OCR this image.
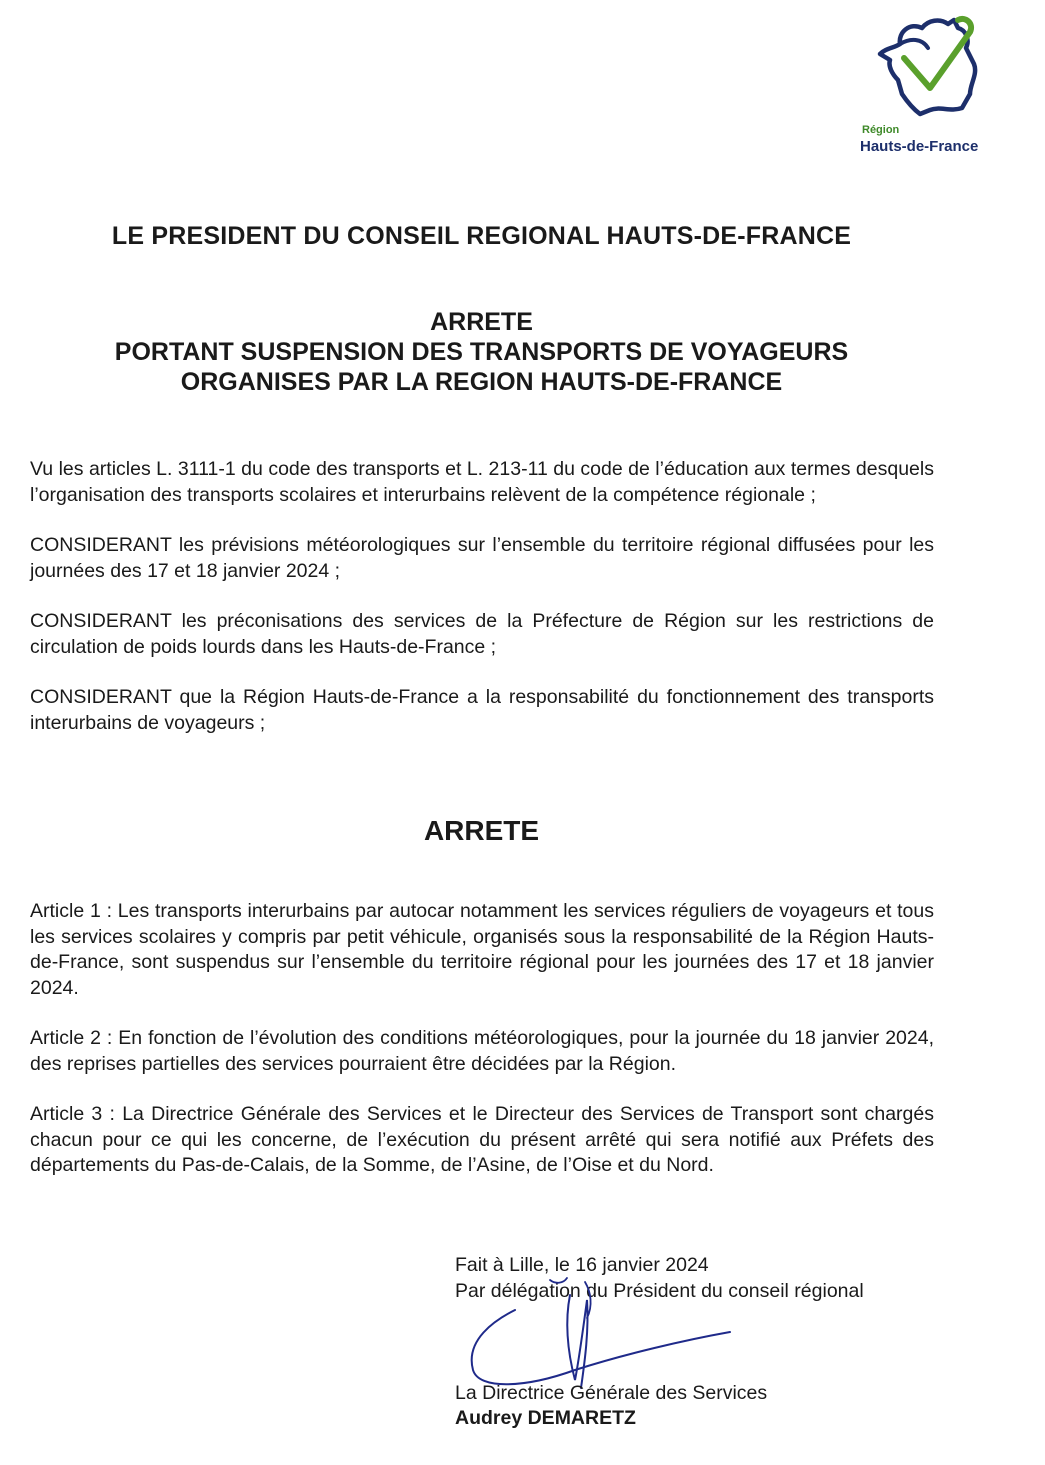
Région
Hauts-de-France
LE PRESIDENT DU CONSEIL REGIONAL HAUTS-DE-FRANCE
ARRETE
PORTANT SUSPENSION DES TRANSPORTS DE VOYAGEURS
ORGANISES PAR LA REGION HAUTS-DE-FRANCE

Vu les articles L. 3111-1 du code des transports et L. 213-11 du code de l’éducation aux termes desquels l’organisation des transports scolaires et interurbains relèvent de la compétence régionale ;

CONSIDERANT les prévisions météorologiques sur l’ensemble du territoire régional diffusées pour les journées des 17 et 18 janvier 2024 ;

CONSIDERANT les préconisations des services de la Préfecture de Région sur les restrictions de circulation de poids lourds dans les Hauts-de-France ;

CONSIDERANT que la Région Hauts-de-France a la responsabilité du fonctionnement des transports interurbains de voyageurs ;

ARRETE

Article 1 : Les transports interurbains par autocar notamment les services réguliers de voyageurs et tous les services scolaires y compris par petit véhicule, organisés sous la responsabilité de la Région Hauts-de-France, sont suspendus sur l’ensemble du territoire régional pour les journées des 17 et 18 janvier 2024.

Article 2 : En fonction de l’évolution des conditions météorologiques, pour la journée du 18 janvier 2024, des reprises partielles des services pourraient être décidées par la Région.

Article 3 : La Directrice Générale des Services et le Directeur des Services de Transport sont chargés chacun pour ce qui les concerne, de l’exécution du présent arrêté qui sera notifié aux Préfets des départements du Pas-de-Calais, de la Somme, de l’Asine, de l’Oise et du Nord.

Fait à Lille, le 16 janvier 2024
Par délégation du Président du conseil régional
La Directrice Générale des Services
Audrey DEMARETZ
